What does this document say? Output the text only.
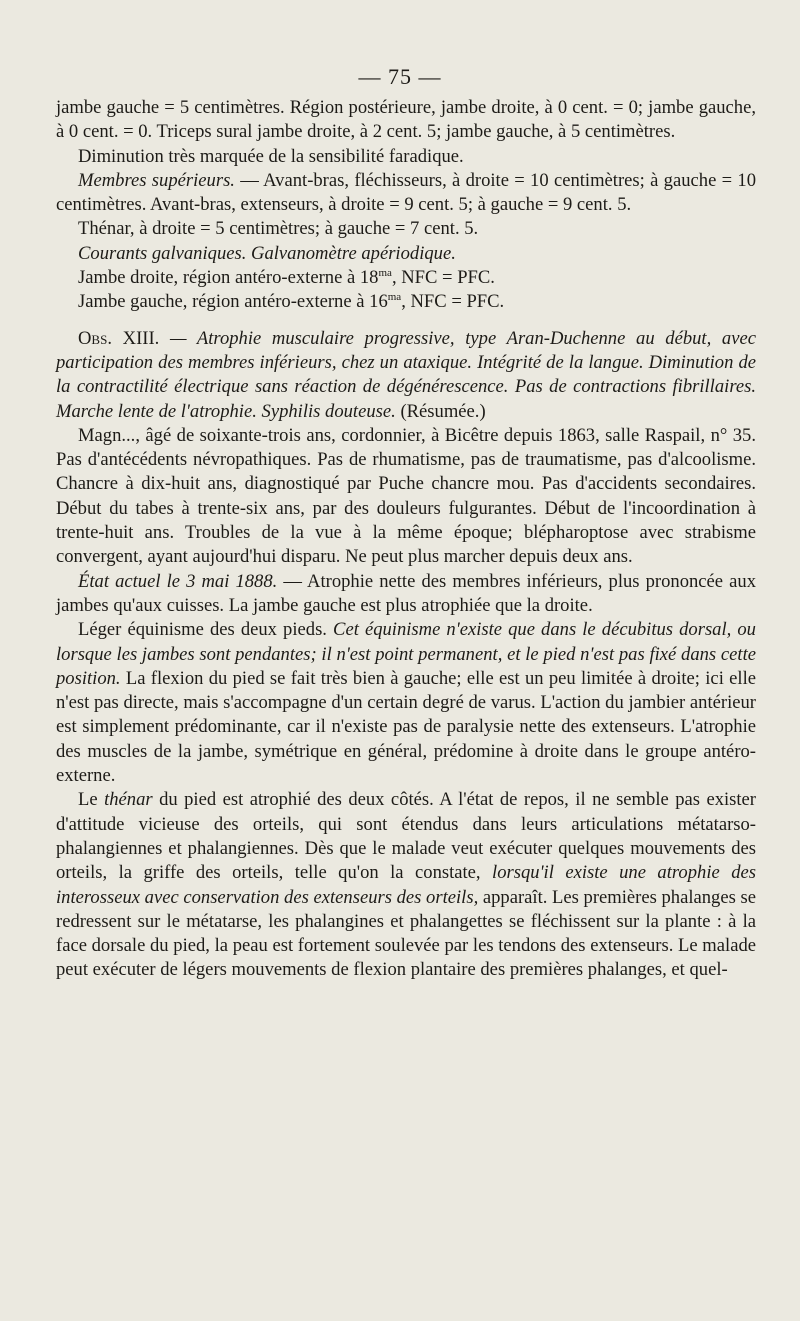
— 75 —

jambe gauche = 5 centimètres. Région postérieure, jambe droite, à 0 cent. = 0; jambe gauche, à 0 cent. = 0. Triceps sural jambe droite, à 2 cent. 5; jambe gauche, à 5 centimètres.

Diminution très marquée de la sensibilité faradique.

Membres supérieurs. — Avant-bras, fléchisseurs, à droite = 10 centimètres; à gauche = 10 centimètres. Avant-bras, extenseurs, à droite = 9 cent. 5; à gauche = 9 cent. 5.

Thénar, à droite = 5 centimètres; à gauche = 7 cent. 5.

Courants galvaniques. Galvanomètre apériodique.

Jambe droite, région antéro-externe à $18^{ma}$, NFC = PFC.

Jambe gauche, région antéro-externe à $16^{ma}$, NFC = PFC.

Obs. XIII. — Atrophie musculaire progressive, type Aran-Duchenne au début, avec participation des membres inférieurs, chez un ataxique. Intégrité de la langue. Diminution de la contractilité électrique sans réaction de dégénérescence. Pas de contractions fibrillaires. Marche lente de l'atrophie. Syphilis douteuse. (Résumée.)

Magn..., âgé de soixante-trois ans, cordonnier, à Bicêtre depuis 1863, salle Raspail, n° 35. Pas d'antécédents névropathiques. Pas de rhumatisme, pas de traumatisme, pas d'alcoolisme. Chancre à dix-huit ans, diagnostiqué par Puche chancre mou. Pas d'accidents secondaires. Début du tabes à trente-six ans, par des douleurs fulgurantes. Début de l'incoordination à trente-huit ans. Troubles de la vue à la même époque; blépharoptose avec strabisme convergent, ayant aujourd'hui disparu. Ne peut plus marcher depuis deux ans.

État actuel le 3 mai 1888. — Atrophie nette des membres inférieurs, plus prononcée aux jambes qu'aux cuisses. La jambe gauche est plus atrophiée que la droite.

Léger équinisme des deux pieds. Cet équinisme n'existe que dans le décubitus dorsal, ou lorsque les jambes sont pendantes; il n'est point permanent, et le pied n'est pas fixé dans cette position. La flexion du pied se fait très bien à gauche; elle est un peu limitée à droite; ici elle n'est pas directe, mais s'accompagne d'un certain degré de varus. L'action du jambier antérieur est simplement prédominante, car il n'existe pas de paralysie nette des extenseurs. L'atrophie des muscles de la jambe, symétrique en général, prédomine à droite dans le groupe antéro-externe.

Le thénar du pied est atrophié des deux côtés. A l'état de repos, il ne semble pas exister d'attitude vicieuse des orteils, qui sont étendus dans leurs articulations métatarso-phalangiennes et phalangiennes. Dès que le malade veut exécuter quelques mouvements des orteils, la griffe des orteils, telle qu'on la constate, lorsqu'il existe une atrophie des interosseux avec conservation des extenseurs des orteils, apparaît. Les premières phalanges se redressent sur le métatarse, les phalangines et phalangettes se fléchissent sur la plante : à la face dorsale du pied, la peau est fortement soulevée par les tendons des extenseurs. Le malade peut exécuter de légers mouvements de flexion plantaire des premières phalanges, et quel-
